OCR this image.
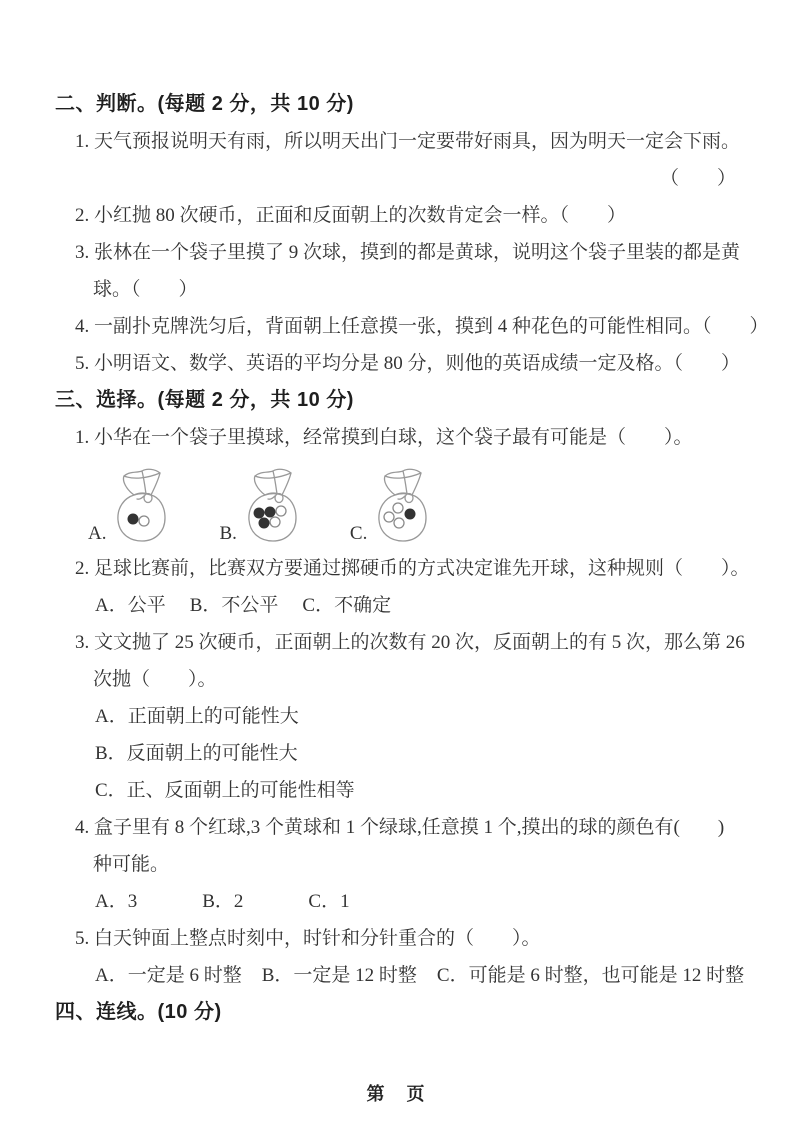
二、判断。(每题 2 分，共 10 分)
1. 天气预报说明天有雨，所以明天出门一定要带好雨具，因为明天一定会下雨。
（　　）
2. 小红抛 80 次硬币，正面和反面朝上的次数肯定会一样。（　　）
3. 张林在一个袋子里摸了 9 次球，摸到的都是黄球，说明这个袋子里装的都是黄
球。（　　）
4. 一副扑克牌洗匀后，背面朝上任意摸一张，摸到 4 种花色的可能性相同。（　　）
5. 小明语文、数学、英语的平均分是 80 分，则他的英语成绩一定及格。（　　）
三、选择。(每题 2 分，共 10 分)
1. 小华在一个袋子里摸球，经常摸到白球，这个袋子最有可能是（　　）。
A.	B.	C.
2. 足球比赛前，比赛双方要通过掷硬币的方式决定谁先开球，这种规则（　　）。
A．公平 B．不公平 C．不确定
3. 文文抛了 25 次硬币，正面朝上的次数有 20 次，反面朝上的有 5 次，那么第 26
次抛（　　）。
A．正面朝上的可能性大
B．反面朝上的可能性大
C．正、反面朝上的可能性相等
4. 盒子里有 8 个红球,3 个黄球和 1 个绿球,任意摸 1 个,摸出的球的颜色有(　　)
种可能。
A．3	B．2	C．1
5. 白天钟面上整点时刻中，时针和分针重合的（　　）。
A．一定是 6 时整 B．一定是 12 时整 C．可能是 6 时整，也可能是 12 时整
四、连线。(10 分)
第　页
